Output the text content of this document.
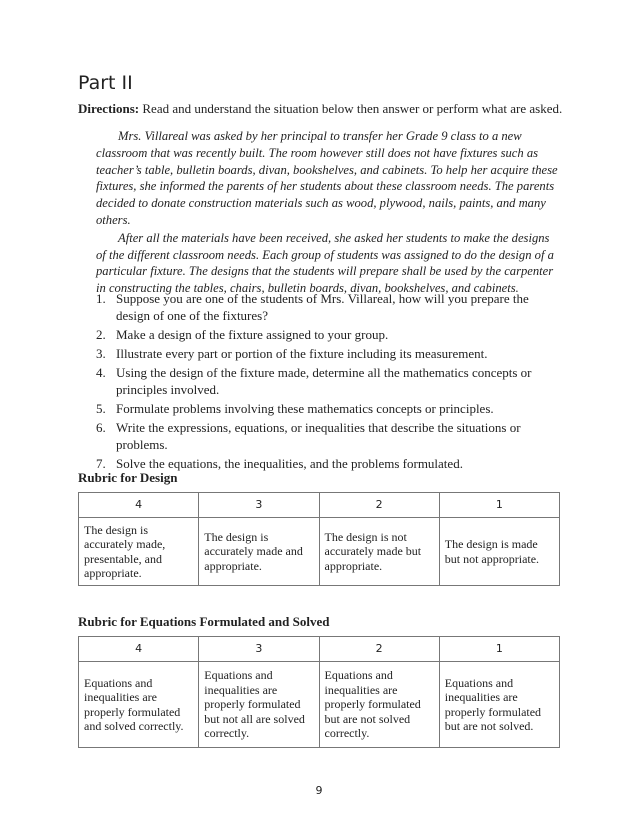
Part II

Directions: Read and understand the situation below then answer or perform what are asked.

Mrs. Villareal was asked by her principal to transfer her Grade 9 class to a new classroom that was recently built. The room however still does not have fixtures such as teacher’s table, bulletin boards, divan, bookshelves, and cabinets. To help her acquire these fixtures, she informed the parents of her students about these classroom needs. The parents decided to donate construction materials such as wood, plywood, nails, paints, and many others.

After all the materials have been received, she asked her students to make the designs of the different classroom needs. Each group of students was assigned to do the design of a particular fixture. The designs that the students will prepare shall be used by the carpenter in constructing the tables, chairs, bulletin boards, divan, bookshelves, and cabinets.

1. Suppose you are one of the students of Mrs. Villareal, how will you prepare the design of one of the fixtures?
2. Make a design of the fixture assigned to your group.
3. Illustrate every part or portion of the fixture including its measurement.
4. Using the design of the fixture made, determine all the mathematics concepts or principles involved.
5. Formulate problems involving these mathematics concepts or principles.
6. Write the expressions, equations, or inequalities that describe the situations or problems.
7. Solve the equations, the inequalities, and the problems formulated.
Rubric for Design
4	3	2	1
The design is accurately made, presentable, and appropriate.	The design is accurately made and appropriate.	The design is not accurately made but appropriate.	The design is made but not appropriate.
Rubric for Equations Formulated and Solved
4	3	2	1
Equations and inequalities are properly formulated and solved correctly.	Equations and inequalities are properly formulated but not all are solved correctly.	Equations and inequalities are properly formulated but are not solved correctly.	Equations and inequalities are properly formulated but are not solved.
9
